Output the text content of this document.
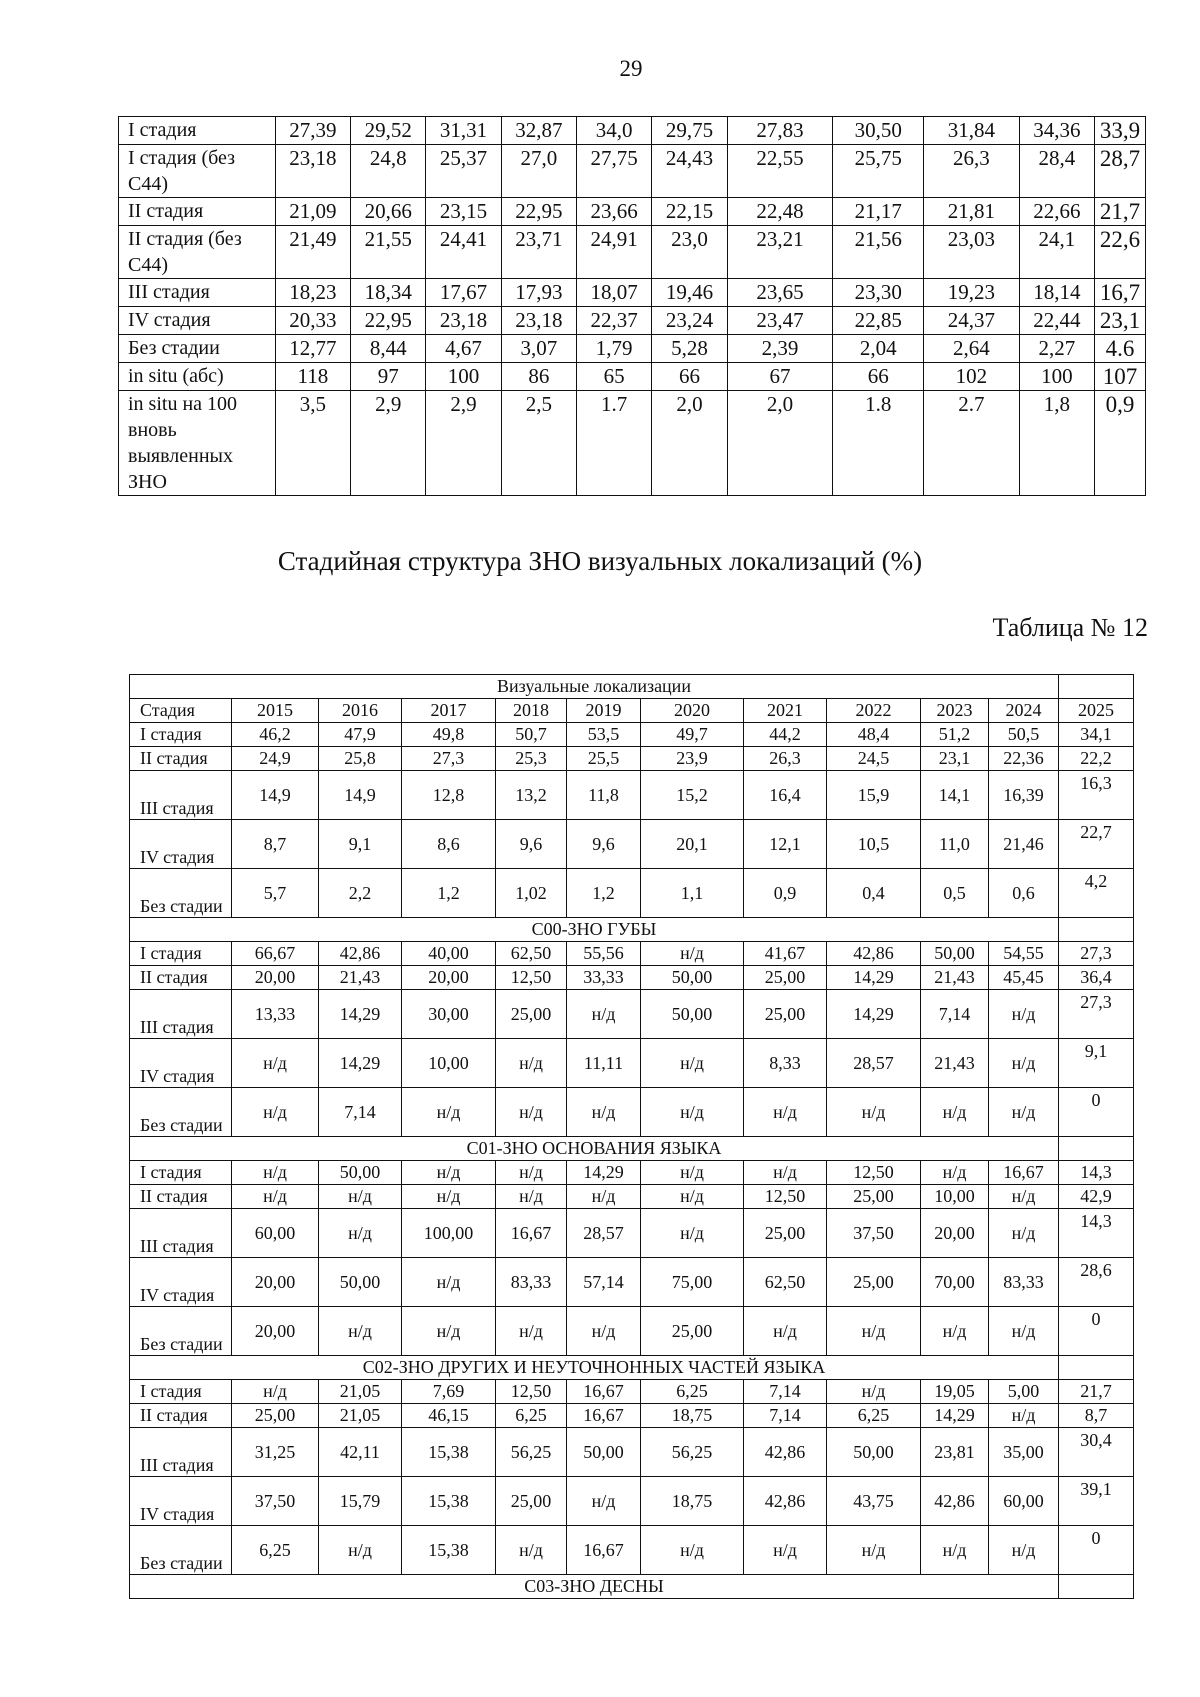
29
I стадия	27,39	29,52	31,31	32,87	34,0	29,75	27,83	30,50	31,84	34,36	33,9
I стадия (без С44)	23,18	24,8	25,37	27,0	27,75	24,43	22,55	25,75	26,3	28,4	28,7
II стадия	21,09	20,66	23,15	22,95	23,66	22,15	22,48	21,17	21,81	22,66	21,7
II стадия (без С44)	21,49	21,55	24,41	23,71	24,91	23,0	23,21	21,56	23,03	24,1	22,6
III стадия	18,23	18,34	17,67	17,93	18,07	19,46	23,65	23,30	19,23	18,14	16,7
IV стадия	20,33	22,95	23,18	23,18	22,37	23,24	23,47	22,85	24,37	22,44	23,1
Без стадии	12,77	8,44	4,67	3,07	1,79	5,28	2,39	2,04	2,64	2,27	4.6
in situ (абс)	118	97	100	86	65	66	67	66	102	100	107
in situ на 100 вновь выявленных ЗНО	3,5	2,9	2,9	2,5	1.7	2,0	2,0	1.8	2.7	1,8	0,9
Стадийная структура ЗНО визуальных локализаций (%)
Таблица № 12
Визуальные локализации											
Стадия	2015	2016	2017	2018	2019	2020	2021	2022	2023	2024	2025
I стадия	46,2	47,9	49,8	50,7	53,5	49,7	44,2	48,4	51,2	50,5	34,1
II стадия	24,9	25,8	27,3	25,3	25,5	23,9	26,3	24,5	23,1	22,36	22,2
III стадия	14,9	14,9	12,8	13,2	11,8	15,2	16,4	15,9	14,1	16,39	16,3
IV стадия	8,7	9,1	8,6	9,6	9,6	20,1	12,1	10,5	11,0	21,46	22,7
Без стадии	5,7	2,2	1,2	1,02	1,2	1,1	0,9	0,4	0,5	0,6	4,2
С00-ЗНО ГУБЫ											
I стадия	66,67	42,86	40,00	62,50	55,56	н/д	41,67	42,86	50,00	54,55	27,3
II стадия	20,00	21,43	20,00	12,50	33,33	50,00	25,00	14,29	21,43	45,45	36,4
III стадия	13,33	14,29	30,00	25,00	н/д	50,00	25,00	14,29	7,14	н/д	27,3
IV стадия	н/д	14,29	10,00	н/д	11,11	н/д	8,33	28,57	21,43	н/д	9,1
Без стадии	н/д	7,14	н/д	н/д	н/д	н/д	н/д	н/д	н/д	н/д	0
С01-ЗНО ОСНОВАНИЯ ЯЗЫКА											
I стадия	н/д	50,00	н/д	н/д	14,29	н/д	н/д	12,50	н/д	16,67	14,3
II стадия	н/д	н/д	н/д	н/д	н/д	н/д	12,50	25,00	10,00	н/д	42,9
III стадия	60,00	н/д	100,00	16,67	28,57	н/д	25,00	37,50	20,00	н/д	14,3
IV стадия	20,00	50,00	н/д	83,33	57,14	75,00	62,50	25,00	70,00	83,33	28,6
Без стадии	20,00	н/д	н/д	н/д	н/д	25,00	н/д	н/д	н/д	н/д	0
С02-ЗНО ДРУГИХ И НЕУТОЧНОННЫХ ЧАСТЕЙ ЯЗЫКА											
I стадия	н/д	21,05	7,69	12,50	16,67	6,25	7,14	н/д	19,05	5,00	21,7
II стадия	25,00	21,05	46,15	6,25	16,67	18,75	7,14	6,25	14,29	н/д	8,7
III стадия	31,25	42,11	15,38	56,25	50,00	56,25	42,86	50,00	23,81	35,00	30,4
IV стадия	37,50	15,79	15,38	25,00	н/д	18,75	42,86	43,75	42,86	60,00	39,1
Без стадии	6,25	н/д	15,38	н/д	16,67	н/д	н/д	н/д	н/д	н/д	0
С03-ЗНО ДЕСНЫ											
